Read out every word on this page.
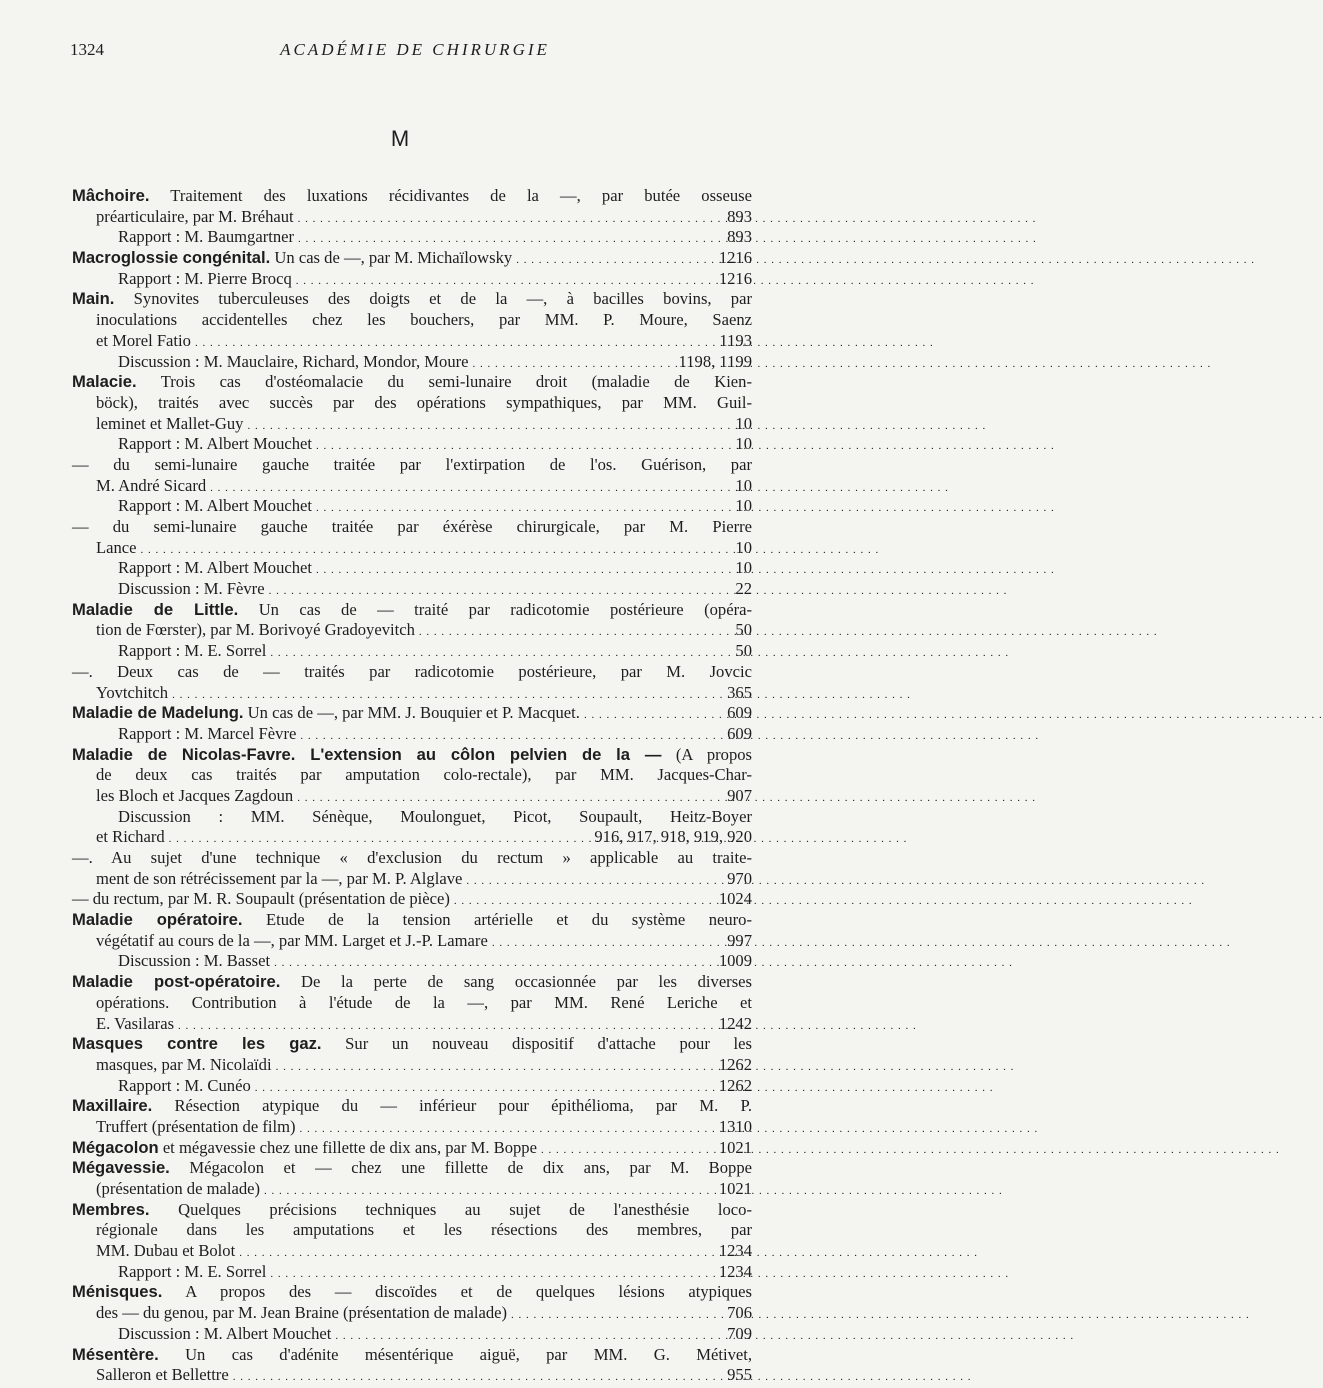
1324	ACADÉMIE DE CHIRURGIE
M
Mâchoire. Traitement des luxations récidivantes de la —, par butée osseuse
préarticulaire, par M. Bréhaut . . .	893
Rapport : M. Baumgartner . . .	893
Macroglossie congénital. Un cas de —, par M. Michaïlowsky . . .	1216
Rapport : M. Pierre Brocq . . .	1216
Main. Synovites tuberculeuses des doigts et de la —, à bacilles bovins, par
inoculations accidentelles chez les bouchers, par MM. P. Moure, Saenz
et Morel Fatio . . .	1193
Discussion : M. Mauclaire, Richard, Mondor, Moure . . .	1198, 1199
Malacie. Trois cas d'ostéomalacie du semi-lunaire droit (maladie de Kien-
böck), traités avec succès par des opérations sympathiques, par MM. Guil-
leminet et Mallet-Guy . . .	10
Rapport : M. Albert Mouchet . . .	10
— du semi-lunaire gauche traitée par l'extirpation de l'os. Guérison, par
M. André Sicard . . .	10
Rapport : M. Albert Mouchet . . .	10
— du semi-lunaire gauche traitée par éxérèse chirurgicale, par M. Pierre
Lance . . .	10
Rapport : M. Albert Mouchet . . .	10
Discussion : M. Fèvre . . .	22
Maladie de Little. Un cas de — traité par radicotomie postérieure (opéra-
tion de Fœrster), par M. Borivoyé Gradoyevitch . . .	50
Rapport : M. E. Sorrel . . .	50
—. Deux cas de — traités par radicotomie postérieure, par M. Jovcic
Yovtchitch . . .	365
Maladie de Madelung. Un cas de —, par MM. J. Bouquier et P. Macquet. . . .	609
Rapport : M. Marcel Fèvre . . .	609
Maladie de Nicolas-Favre. L'extension au côlon pelvien de la — (A propos
de deux cas traités par amputation colo-rectale), par MM. Jacques-Char-
les Bloch et Jacques Zagdoun . . .	907
Discussion : MM. Sénèque, Moulonguet, Picot, Soupault, Heitz-Boyer
et Richard . . .	916, 917, 918, 919, 920
—. Au sujet d'une technique « d'exclusion du rectum » applicable au traite-
ment de son rétrécissement par la —, par M. P. Alglave . . .	970
— du rectum, par M. R. Soupault (présentation de pièce) . . .	1024
Maladie opératoire. Etude de la tension artérielle et du système neuro-
végétatif au cours de la —, par MM. Larget et J.-P. Lamare . . .	997
Discussion : M. Basset . . .	1009
Maladie post-opératoire. De la perte de sang occasionnée par les diverses
opérations. Contribution à l'étude de la —, par MM. René Leriche et
E. Vasilaras . . .	1242
Masques contre les gaz. Sur un nouveau dispositif d'attache pour les
masques, par M. Nicolaïdi . . .	1262
Rapport : M. Cunéo . . .	1262
Maxillaire. Résection atypique du — inférieur pour épithélioma, par M. P.
Truffert (présentation de film) . . .	1310
Mégacolon et mégavessie chez une fillette de dix ans, par M. Boppe . . .	1021
Mégavessie. Mégacolon et — chez une fillette de dix ans, par M. Boppe
(présentation de malade) . . .	1021
Membres. Quelques précisions techniques au sujet de l'anesthésie loco-
régionale dans les amputations et les résections des membres, par
MM. Dubau et Bolot . . .	1234
Rapport : M. E. Sorrel . . .	1234
Ménisques. A propos des — discoïdes et de quelques lésions atypiques
des — du genou, par M. Jean Braine (présentation de malade) . . .	706
Discussion : M. Albert Mouchet . . .	709
Mésentère. Un cas d'adénite mésentérique aiguë, par MM. G. Métivet,
Salleron et Bellettre . . .	955
